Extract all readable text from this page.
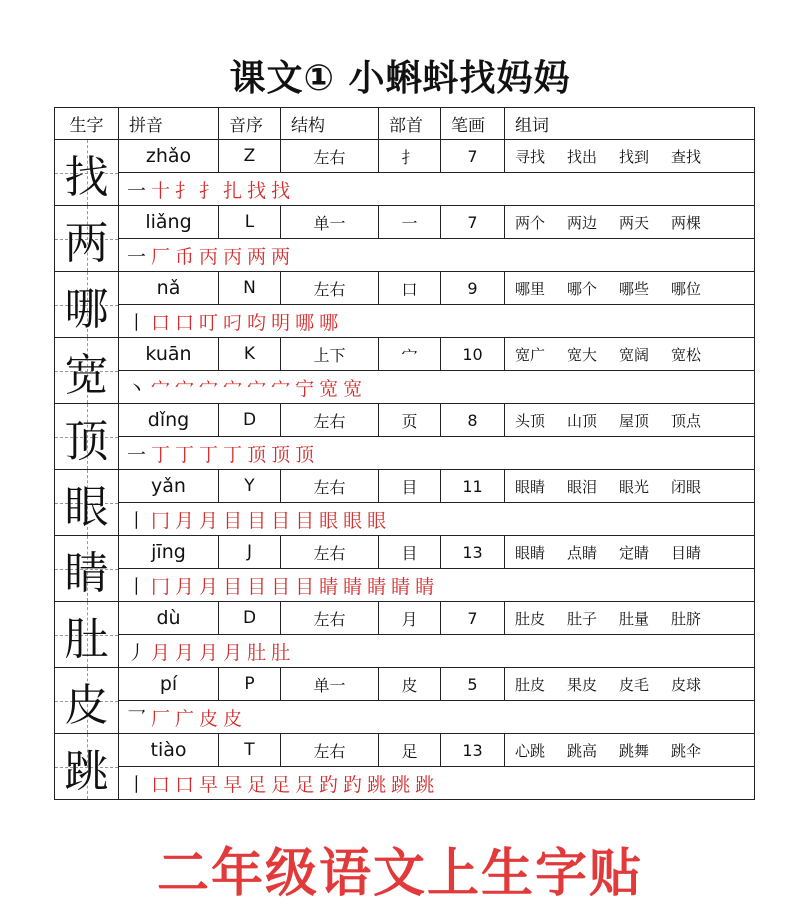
课文① 小蝌蚪找妈妈
生字	拼音	音序	结构	部首	笔画	组词

找	zhǎo	Z	左右	扌	7	寻找 找出 找到 查找
	一 十 扌 扌 扎 找 找					

两	liǎng	L	单一	一	7	两个 两边 两天 两棵
	一 厂 币 丙 丙 两 两					

哪	nǎ	N	左右	口	9	哪里 哪个 哪些 哪位
	丨 口 口 叮 叼 呁 明 哪 哪					

宽	kuān	K	上下	宀	10	宽广 宽大 宽阔 宽松
	丶 宀 宀 宀 宀 宀 宀 宁 宽 宽					

顶	dǐng	D	左右	页	8	头顶 山顶 屋顶 顶点
	一 丁 丁 丁 丁 顶 顶 顶					

眼	yǎn	Y	左右	目	11	眼睛 眼泪 眼光 闭眼
	丨 冂 月 月 目 目 目 目 眼 眼 眼					

睛	jīng	J	左右	目	13	眼睛 点睛 定睛 目睛
	丨 冂 月 月 目 目 目 目 睛 睛 睛 睛 睛					

肚	dù	D	左右	月	7	肚皮 肚子 肚量 肚脐
	丿 月 月 月 月 肚 肚					

皮	pí	P	单一	皮	5	肚皮 果皮 皮毛 皮球
	乛 厂 广 皮 皮					

跳	tiào	T	左右	足	13	心跳 跳高 跳舞 跳伞
	丨 口 口 早 早 足 足 足 趵 趵 跳 跳 跳					
二年级语文上生字贴
